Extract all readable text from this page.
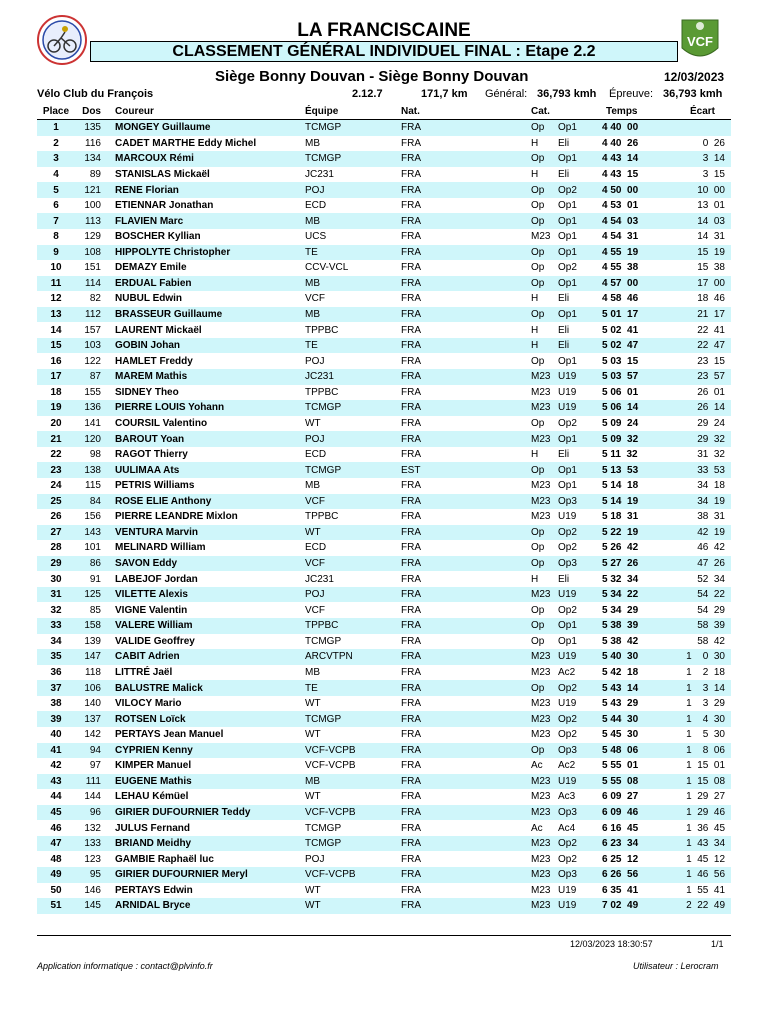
VCF
LA FRANCISCAINE
CLASSEMENT GÉNÉRAL INDIVIDUEL FINAL : Etape 2.2
Siège Bonny Douvan - Siège Bonny Douvan	12/03/2023
Vélo Club du François	2.12.7	171,7 km Général: 36,793 kmh Épreuve: 36,793 kmh
Place	Dos	Coureur	Équipe	Nat.	Cat.	Temps	Écart
1	135	MONGEY Guillaume	TCMGP	FRA	Op Op1	4 40  00	
2	116	CADET MARTHE Eddy Michel	MB	FRA	H Eli	4 40  26	0  26
3	134	MARCOUX Rémi	TCMGP	FRA	Op Op1	4 43  14	3  14
4	89	STANISLAS Mickaël	JC231	FRA	H Eli	4 43  15	3  15
5	121	RENE Florian	POJ	FRA	Op Op2	4 50  00	10  00
6	100	ETIENNAR Jonathan	ECD	FRA	Op Op1	4 53  01	13  01
7	113	FLAVIEN Marc	MB	FRA	Op Op1	4 54  03	14  03
8	129	BOSCHER Kyllian	UCS	FRA	M23 Op1	4 54  31	14  31
9	108	HIPPOLYTE Christopher	TE	FRA	Op Op1	4 55  19	15  19
10	151	DEMAZY Emile	CCV-VCL	FRA	Op Op2	4 55  38	15  38
11	114	ERDUAL Fabien	MB	FRA	Op Op1	4 57  00	17  00
12	82	NUBUL Edwin	VCF	FRA	H Eli	4 58  46	18  46
13	112	BRASSEUR Guillaume	MB	FRA	Op Op1	5 01  17	21  17
14	157	LAURENT Mickaël	TPPBC	FRA	H Eli	5 02  41	22  41
15	103	GOBIN Johan	TE	FRA	H Eli	5 02  47	22  47
16	122	HAMLET Freddy	POJ	FRA	Op Op1	5 03  15	23  15
17	87	MAREM Mathis	JC231	FRA	M23 U19	5 03  57	23  57
18	155	SIDNEY Theo	TPPBC	FRA	M23 U19	5 06  01	26  01
19	136	PIERRE LOUIS Yohann	TCMGP	FRA	M23 U19	5 06  14	26  14
20	141	COURSIL Valentino	WT	FRA	Op Op2	5 09  24	29  24
21	120	BAROUT Yoan	POJ	FRA	M23 Op1	5 09  32	29  32
22	98	RAGOT Thierry	ECD	FRA	H Eli	5 11  32	31  32
23	138	UULIMAA Ats	TCMGP	EST	Op Op1	5 13  53	33  53
24	115	PETRIS Williams	MB	FRA	M23 Op1	5 14  18	34  18
25	84	ROSE ELIE Anthony	VCF	FRA	M23 Op3	5 14  19	34  19
26	156	PIERRE LEANDRE Mixlon	TPPBC	FRA	M23 U19	5 18  31	38  31
27	143	VENTURA Marvin	WT	FRA	Op Op2	5 22  19	42  19
28	101	MELINARD William	ECD	FRA	Op Op2	5 26  42	46  42
29	86	SAVON Eddy	VCF	FRA	Op Op3	5 27  26	47  26
30	91	LABEJOF Jordan	JC231	FRA	H Eli	5 32  34	52  34
31	125	VILETTE Alexis	POJ	FRA	M23 U19	5 34  22	54  22
32	85	VIGNE Valentin	VCF	FRA	Op Op2	5 34  29	54  29
33	158	VALERE William	TPPBC	FRA	Op Op1	5 38  39	58  39
34	139	VALIDE Geoffrey	TCMGP	FRA	Op Op1	5 38  42	58  42
35	147	CABIT Adrien	ARCVTPN	FRA	M23 U19	5 40  30	1    0  30
36	118	LITTRÉ Jaël	MB	FRA	M23 Ac2	5 42  18	1    2  18
37	106	BALUSTRE Malick	TE	FRA	Op Op2	5 43  14	1    3  14
38	140	VILOCY Mario	WT	FRA	M23 U19	5 43  29	1    3  29
39	137	ROTSEN Loïck	TCMGP	FRA	M23 Op2	5 44  30	1    4  30
40	142	PERTAYS Jean Manuel	WT	FRA	M23 Op2	5 45  30	1    5  30
41	94	CYPRIEN Kenny	VCF-VCPB	FRA	Op Op3	5 48  06	1    8  06
42	97	KIMPER Manuel	VCF-VCPB	FRA	Ac Ac2	5 55  01	1  15  01
43	111	EUGENE Mathis	MB	FRA	M23 U19	5 55  08	1  15  08
44	144	LEHAU Kémüel	WT	FRA	M23 Ac3	6 09  27	1  29  27
45	96	GIRIER DUFOURNIER Teddy	VCF-VCPB	FRA	M23 Op3	6 09  46	1  29  46
46	132	JULUS Fernand	TCMGP	FRA	Ac Ac4	6 16  45	1  36  45
47	133	BRIAND Meidhy	TCMGP	FRA	M23 Op2	6 23  34	1  43  34
48	123	GAMBIE Raphaël luc	POJ	FRA	M23 Op2	6 25  12	1  45  12
49	95	GIRIER DUFOURNIER Meryl	VCF-VCPB	FRA	M23 Op3	6 26  56	1  46  56
50	146	PERTAYS Edwin	WT	FRA	M23 U19	6 35  41	1  55  41
51	145	ARNIDAL Bryce	WT	FRA	M23 U19	7 02  49	2  22  49
12/03/2023 18:30:57	1/1
Application informatique : contact@plvinfo.fr	Utilisateur : Lerocram
